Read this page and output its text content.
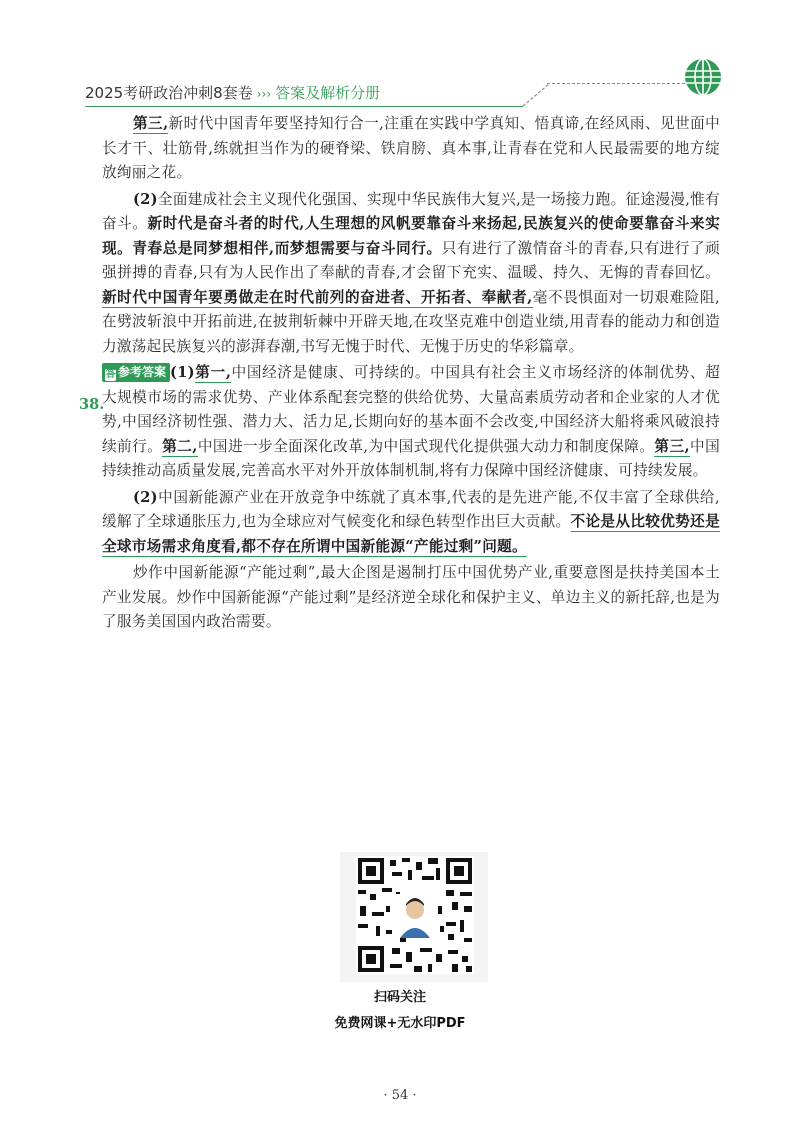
2025考研政治冲刺8套卷 ››› 答案及解析分册

第三,新时代中国青年要坚持知行合一,注重在实践中学真知、悟真谛,在经风雨、见世面中长才干、壮筋骨,练就担当作为的硬脊梁、铁肩膀、真本事,让青春在党和人民最需要的地方绽放绚丽之花。

(2)全面建成社会主义现代化强国、实现中华民族伟大复兴,是一场接力跑。征途漫漫,惟有奋斗。新时代是奋斗者的时代,人生理想的风帆要靠奋斗来扬起,民族复兴的使命要靠奋斗来实现。青春总是同梦想相伴,而梦想需要与奋斗同行。只有进行了激情奋斗的青春,只有进行了顽强拼搏的青春,只有为人民作出了奉献的青春,才会留下充实、温暖、持久、无悔的青春回忆。新时代中国青年要勇做走在时代前列的奋进者、开拓者、奉献者,毫不畏惧面对一切艰难险阻,在劈波斩浪中开拓前进,在披荆斩棘中开辟天地,在攻坚克难中创造业绩,用青春的能动力和创造力激荡起民族复兴的澎湃春潮,书写无愧于时代、无愧于历史的华彩篇章。

答 参考答案 (1)第一,中国经济是健康、可持续的。中国具有社会主义市场经济的体制优势、超大规模市场的需求优势、产业体系配套完整的供给优势、大量高素质劳动者和企业家的人才优势,中国经济韧性强、潜力大、活力足,长期向好的基本面不会改变,中国经济大船将乘风破浪持续前行。第二,中国进一步全面深化改革,为中国式现代化提供强大动力和制度保障。第三,中国持续推动高质量发展,完善高水平对外开放体制机制,将有力保障中国经济健康、可持续发展。

(2)中国新能源产业在开放竞争中练就了真本事,代表的是先进产能,不仅丰富了全球供给,缓解了全球通胀压力,也为全球应对气候变化和绿色转型作出巨大贡献。不论是从比较优势还是全球市场需求角度看,都不存在所谓中国新能源“产能过剩”问题。

炒作中国新能源“产能过剩”,最大企图是遏制打压中国优势产业,重要意图是扶持美国本土产业发展。炒作中国新能源“产能过剩”是经济逆全球化和保护主义、单边主义的新托辞,也是为了服务美国国内政治需要。

38.
扫码关注
免费网课+无水印PDF
· 54 ·
